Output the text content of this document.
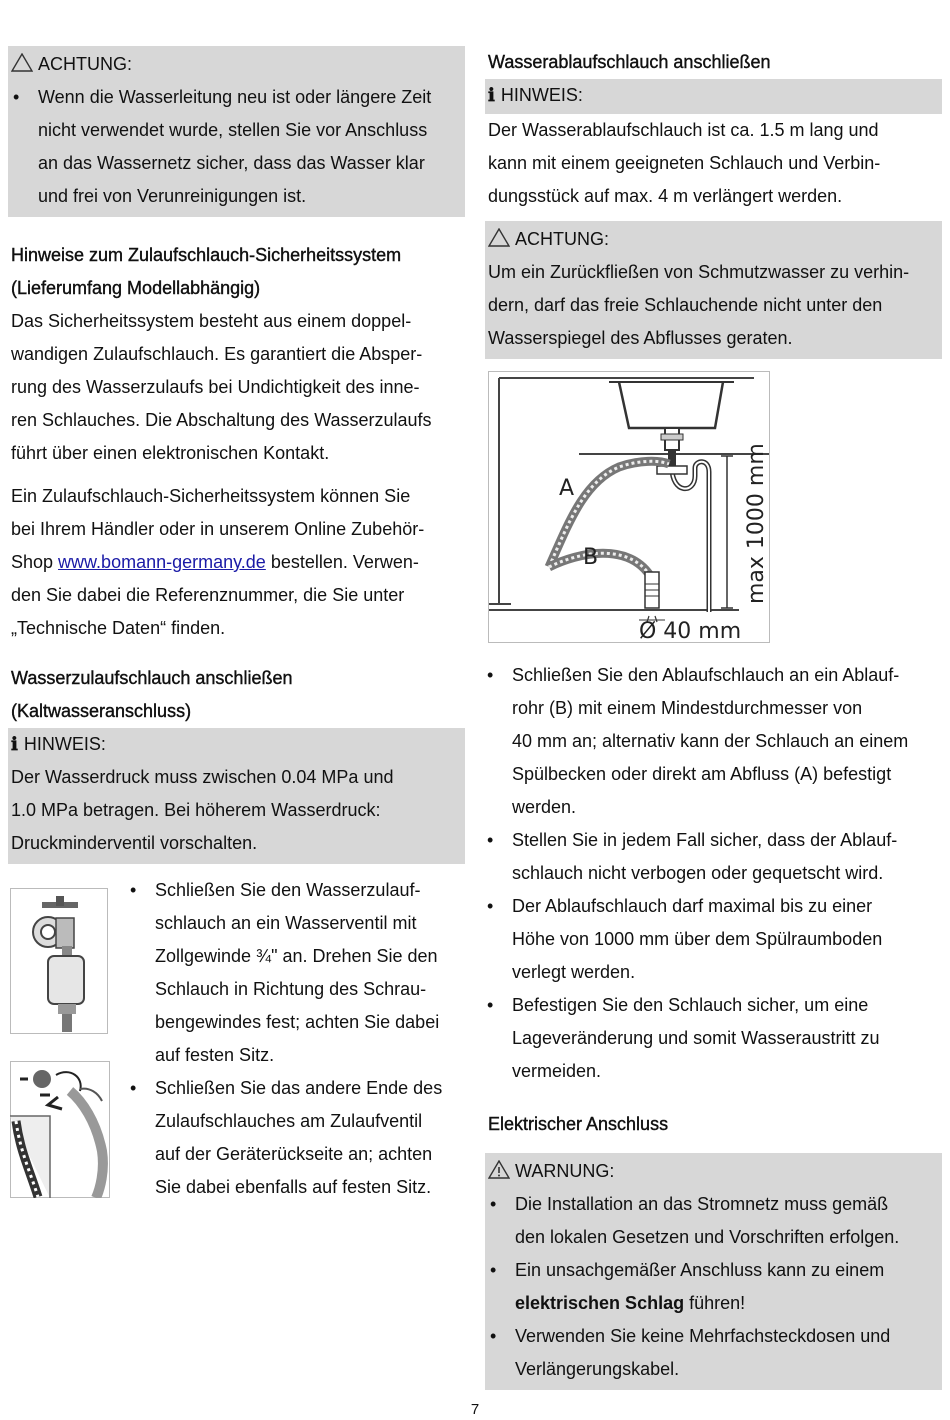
ACHTUNG:
• Wenn die Wasserleitung neu ist oder längere Zeit
nicht verwendet wurde, stellen Sie vor Anschluss
an das Wassernetz sicher, dass das Wasser klar
und frei von Verunreinigungen ist.
Hinweise zum Zulaufschlauch-Sicherheitssystem
(Lieferumfang Modellabhängig)
Das Sicherheitssystem besteht aus einem doppel-
wandigen Zulaufschlauch. Es garantiert die Absper-
rung des Wasserzulaufs bei Undichtigkeit des inne-
ren Schlauches. Die Abschaltung des Wasserzulaufs
führt über einen elektronischen Kontakt.
Ein Zulaufschlauch-Sicherheitssystem können Sie
bei Ihrem Händler oder in unserem Online Zubehör-
Shop www.bomann-germany.de bestellen. Verwen-
den Sie dabei die Referenznummer, die Sie unter
„Technische Daten“ finden.
Wasserzulaufschlauch anschließen
(Kaltwasseranschluss)
ℹ HINWEIS:
Der Wasserdruck muss zwischen 0.04 MPa und
1.0 MPa betragen. Bei höherem Wasserdruck:
Druckminderventil vorschalten.
• Schließen Sie den Wasserzulauf-
schlauch an ein Wasserventil mit
Zollgewinde ¾" an. Drehen Sie den
Schlauch in Richtung des Schrau-
bengewindes fest; achten Sie dabei
auf festen Sitz.
• Schließen Sie das andere Ende des
Zulaufschlauches am Zulaufventil
auf der Geräterückseite an; achten
Sie dabei ebenfalls auf festen Sitz.
Wasserablaufschlauch anschließen
ℹ HINWEIS:
Der Wasserablaufschlauch ist ca. 1.5 m lang und
kann mit einem geeigneten Schlauch und Verbin-
dungsstück auf max. 4 m verlängert werden.
ACHTUNG:
Um ein Zurückfließen von Schmutzwasser zu verhin-
dern, darf das freie Schlauchende nicht unter den
Wasserspiegel des Abflusses geraten.
A
B	max 1000 mm
Ø 40 mm
• Schließen Sie den Ablaufschlauch an ein Ablauf-
rohr (B) mit einem Mindestdurchmesser von
40 mm an; alternativ kann der Schlauch an einem
Spülbecken oder direkt am Abfluss (A) befestigt
werden.
• Stellen Sie in jedem Fall sicher, dass der Ablauf-
schlauch nicht verbogen oder gequetscht wird.
• Der Ablaufschlauch darf maximal bis zu einer
Höhe von 1000 mm über dem Spülraumboden
verlegt werden.
• Befestigen Sie den Schlauch sicher, um eine
Lageveränderung und somit Wasseraustritt zu
vermeiden.
Elektrischer Anschluss
WARNUNG:
• Die Installation an das Stromnetz muss gemäß
den lokalen Gesetzen und Vorschriften erfolgen.
• Ein unsachgemäßer Anschluss kann zu einem
elektrischen Schlag führen!
• Verwenden Sie keine Mehrfachsteckdosen und
Verlängerungskabel.
7
